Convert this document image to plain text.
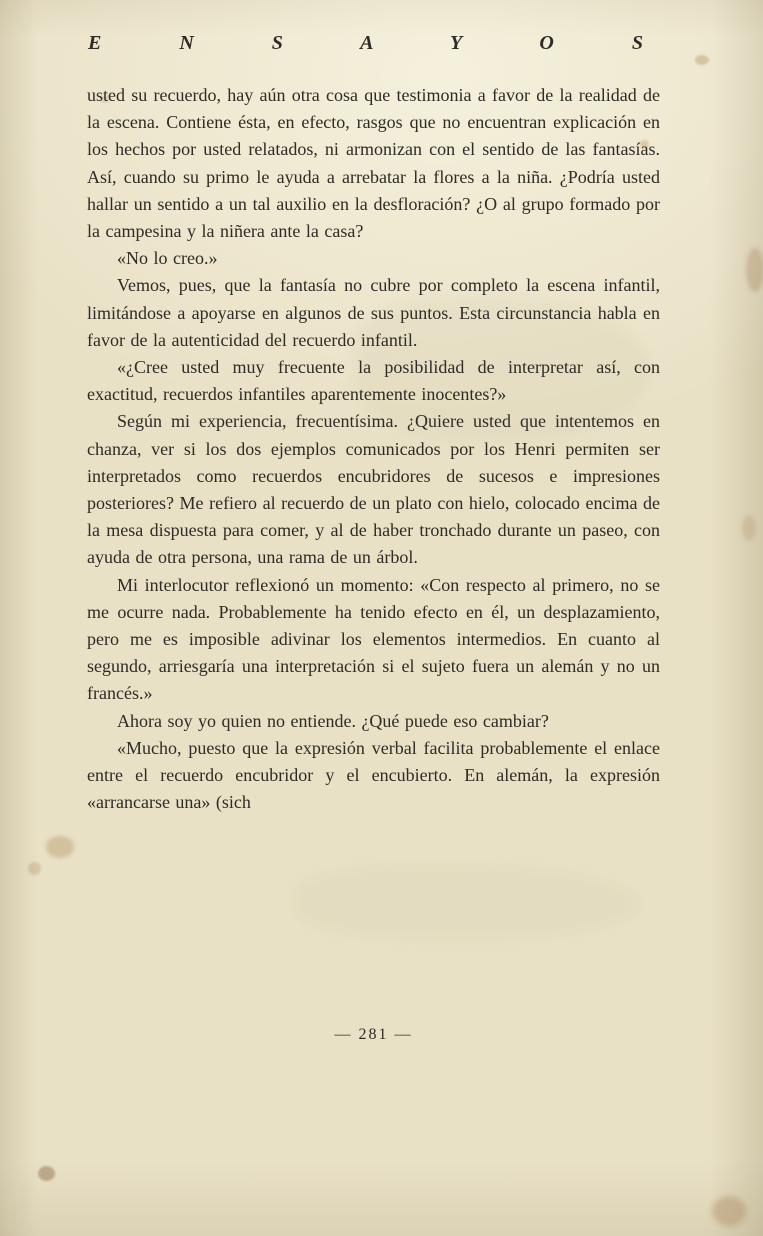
E N S A Y O S

usted su recuerdo, hay aún otra cosa que testimonia a favor de la realidad de la escena. Contiene ésta, en efecto, rasgos que no encuentran explicación en los hechos por usted relatados, ni armonizan con el sentido de las fantasías. Así, cuando su primo le ayuda a arrebatar la flores a la niña. ¿Podría usted hallar un sentido a un tal auxilio en la desfloración? ¿O al grupo formado por la campesina y la niñera ante la casa?

«No lo creo.»

Vemos, pues, que la fantasía no cubre por completo la escena infantil, limitándose a apoyarse en algunos de sus puntos. Esta circunstancia habla en favor de la autenticidad del recuerdo infantil.

«¿Cree usted muy frecuente la posibilidad de interpretar así, con exactitud, recuerdos infantiles aparentemente inocentes?»

Según mi experiencia, frecuentísima. ¿Quiere usted que intentemos en chanza, ver si los dos ejemplos comunicados por los Henri permiten ser interpretados como recuerdos encubridores de sucesos e impresiones posteriores? Me refiero al recuerdo de un plato con hielo, colocado encima de la mesa dispuesta para comer, y al de haber tronchado durante un paseo, con ayuda de otra persona, una rama de un árbol.

Mi interlocutor reflexionó un momento: «Con respecto al primero, no se me ocurre nada. Probablemente ha tenido efecto en él, un desplazamiento, pero me es imposible adivinar los elementos intermedios. En cuanto al segundo, arriesgaría una interpretación si el sujeto fuera un alemán y no un francés.»

Ahora soy yo quien no entiende. ¿Qué puede eso cambiar?

«Mucho, puesto que la expresión verbal facilita probablemente el enlace entre el recuerdo encubridor y el encubierto. En alemán, la expresión «arrancarse una» (sich

— 281 —
